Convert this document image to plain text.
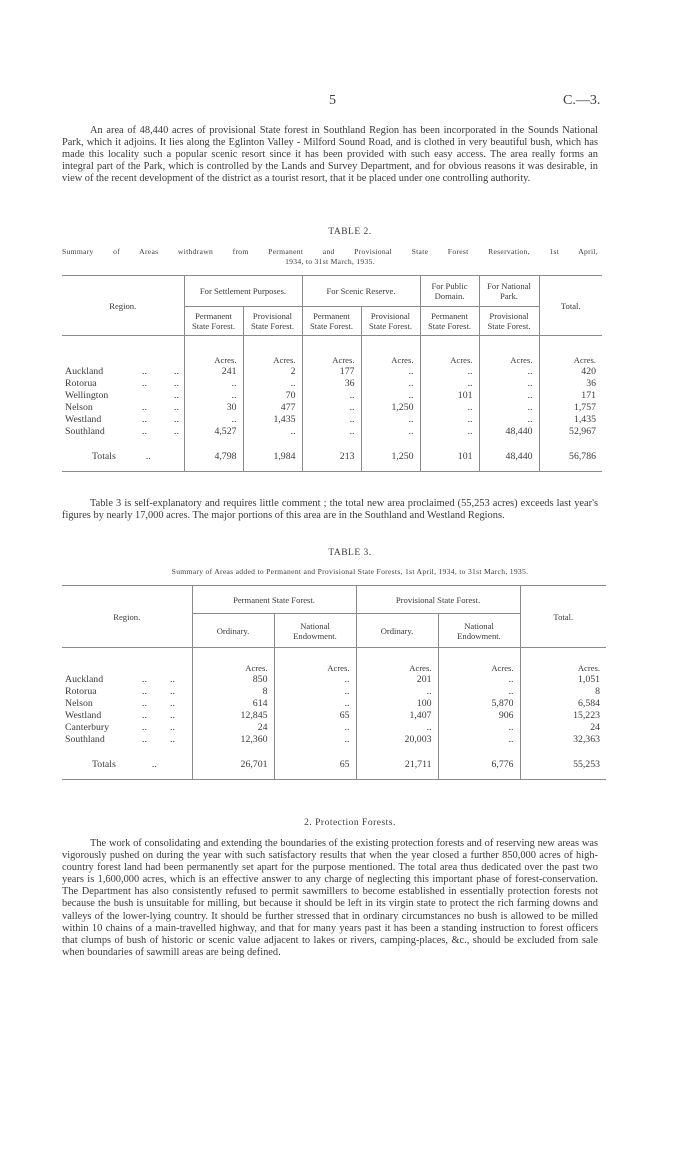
5	C.—3.
An area of 48,440 acres of provisional State forest in Southland Region has been incorporated in the Sounds National Park, which it adjoins. It lies along the Eglinton Valley - Milford Sound Road, and is clothed in very beautiful bush, which has made this locality such a popular scenic resort since it has been provided with such easy access. The area really forms an integral part of the Park, which is controlled by the Lands and Survey Department, and for obvious reasons it was desirable, in view of the recent development of the district as a tourist resort, that it be placed under one controlling authority.
TABLE 2.
Summary of Areas withdrawn from Permanent and Provisional State Forest Reservation, 1st April,
1934, to 31st March, 1935.
Region.	For Settlement Purposes.		For Scenic Reserve.		For Public Domain.	For National Park.	Total.
	Permanent State Forest.	Provisional State Forest.	Permanent State Forest.	Provisional State Forest.	Permanent State Forest.	Provisional State Forest.	

	Acres.	Acres.	Acres.	Acres.	Acres.	Acres.	Acres.
Auckland .. ..	241	2	177	..	..	..	420
Rotorua .. ..	..	..	36	..	..	..	36
Wellington ..	..	70	..	..	101	..	171
Nelson .. ..	30	477	..	1,250	..	..	1,757
Westland .. ..	..	1,435	..	..	..	..	1,435
Southland .. ..	4,527	..	..	..	..	48,440	52,967

Totals ..	4,798	1,984	213	1,250	101	48,440	56,786

Table 3 is self-explanatory and requires little comment ; the total new area proclaimed (55,253 acres) exceeds last year's figures by nearly 17,000 acres. The major portions of this area are in the Southland and Westland Regions.
TABLE 3.
Summary of Areas added to Permanent and Provisional State Forests, 1st April, 1934, to 31st March, 1935.
Region.	Permanent State Forest.		Provisional State Forest.		Total.
	Ordinary.	National Endowment.	Ordinary.	National Endowment.	

	Acres.	Acres.	Acres.	Acres.	Acres.
Auckland .. ..	850	..	201	..	1,051
Rotorua .. ..	8	..	..	..	8
Nelson .. ..	614	..	100	5,870	6,584
Westland .. ..	12,845	65	1,407	906	15,223
Canterbury .. ..	24	..	..	..	24
Southland .. ..	12,360	..	20,003	..	32,363

Totals ..	26,701	65	21,711	6,776	55,253

2. Protection Forests.
The work of consolidating and extending the boundaries of the existing protection forests and of reserving new areas was vigorously pushed on during the year with such satisfactory results that when the year closed a further 850,000 acres of high-country forest land had been permanently set apart for the purpose mentioned. The total area thus dedicated over the past two years is 1,600,000 acres, which is an effective answer to any charge of neglecting this important phase of forest-conservation. The Department has also consistently refused to permit sawmillers to become established in essentially protection forests not because the bush is unsuitable for milling, but because it should be left in its virgin state to protect the rich farming downs and valleys of the lower-lying country. It should be further stressed that in ordinary circumstances no bush is allowed to be milled within 10 chains of a main-travelled highway, and that for many years past it has been a standing instruction to forest officers that clumps of bush of historic or scenic value adjacent to lakes or rivers, camping-places, &c., should be excluded from sale when boundaries of sawmill areas are being defined.
